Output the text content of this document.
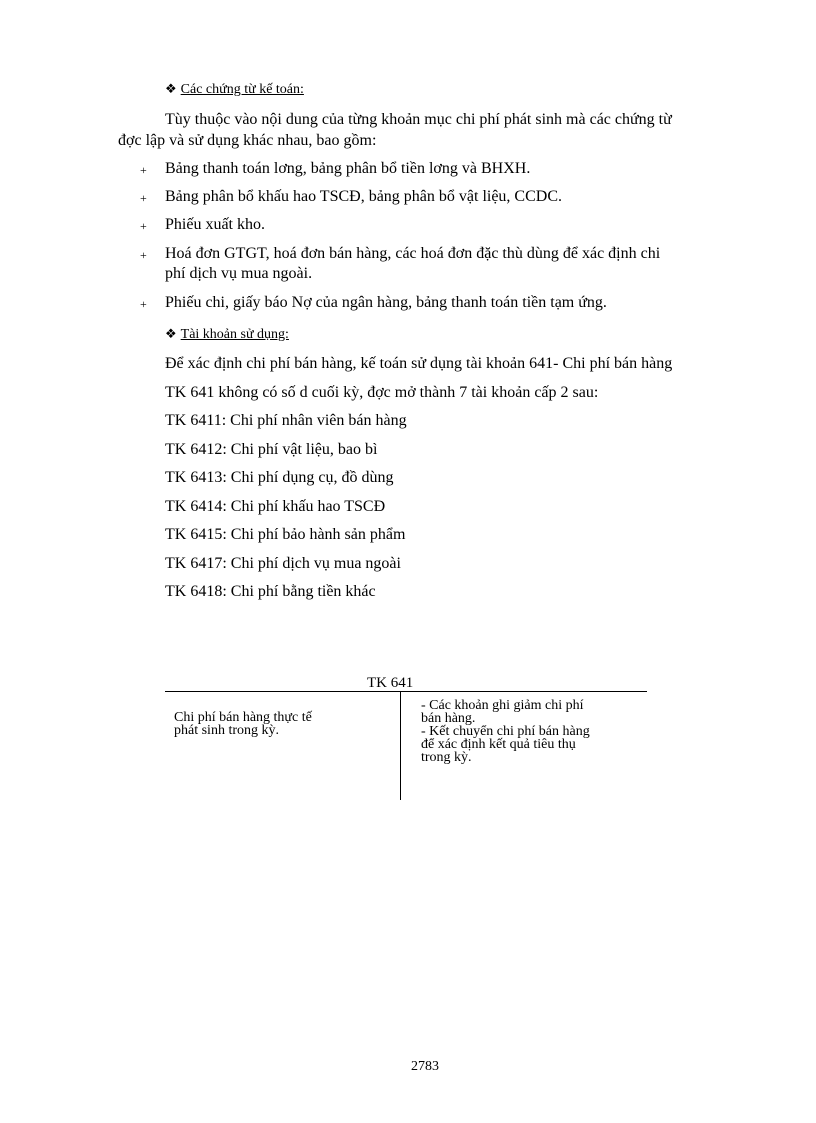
❖ Các chứng từ kế toán:
Tùy thuộc vào nội dung của từng khoản mục chi phí phát sinh mà các chứng từ
đợc lập và sử dụng khác nhau, bao gồm:
+ Bảng thanh toán lơng, bảng phân bổ tiền lơng và BHXH.
+ Bảng phân bổ khấu hao TSCĐ, bảng phân bổ vật liệu, CCDC.
+ Phiếu xuất kho.
+ Hoá đơn GTGT, hoá đơn bán hàng, các hoá đơn đặc thù dùng để xác định chi
phí dịch vụ mua ngoài.
+ Phiếu chi, giấy báo Nợ của ngân hàng, bảng thanh toán tiền tạm ứng.
❖ Tài khoản sử dụng:
Để xác định chi phí bán hàng, kế toán sử dụng tài khoản 641- Chi phí bán hàng
TK 641 không có số d cuối kỳ, đợc mở thành 7 tài khoản cấp 2 sau:
TK 6411: Chi phí nhân viên bán hàng
TK 6412: Chi phí vật liệu, bao bì
TK 6413: Chi phí dụng cụ, đồ dùng
TK 6414: Chi phí khấu hao TSCĐ
TK 6415: Chi phí bảo hành sản phẩm
TK 6417: Chi phí dịch vụ mua ngoài
TK 6418: Chi phí bằng tiền khác
TK 641
Chi phí bán hàng thực tế
phát sinh trong kỳ.
- Các khoản ghi giảm chi phí
bán hàng.
- Kết chuyển chi phí bán hàng
để xác định kết quả tiêu thụ
trong kỳ.
2783
